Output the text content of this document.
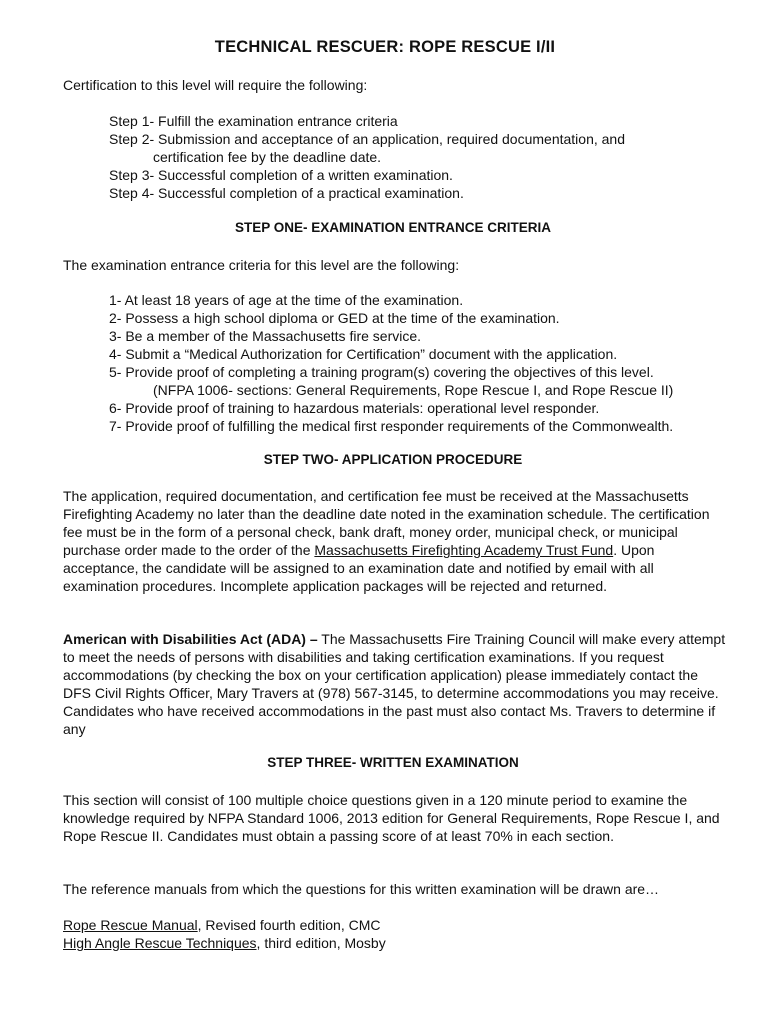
TECHNICAL RESCUER: ROPE RESCUE I/II
Certification to this level will require the following:
Step 1- Fulfill the examination entrance criteria
Step 2- Submission and acceptance of an application, required documentation, and
certification fee by the deadline date.
Step 3- Successful completion of a written examination.
Step 4- Successful completion of a practical examination.
STEP ONE- EXAMINATION ENTRANCE CRITERIA
The examination entrance criteria for this level are the following:
1- At least 18 years of age at the time of the examination.
2- Possess a high school diploma or GED at the time of the examination.
3- Be a member of the Massachusetts fire service.
4- Submit a “Medical Authorization for Certification” document with the application.
5- Provide proof of completing a training program(s) covering the objectives of this level.
(NFPA 1006- sections: General Requirements, Rope Rescue I, and Rope Rescue II)
6- Provide proof of training to hazardous materials: operational level responder.
7- Provide proof of fulfilling the medical first responder requirements of the Commonwealth.
STEP TWO- APPLICATION PROCEDURE
The application, required documentation, and certification fee must be received at the Massachusetts Firefighting Academy no later than the deadline date noted in the examination schedule. The certification fee must be in the form of a personal check, bank draft, money order, municipal check, or municipal purchase order made to the order of the Massachusetts Firefighting Academy Trust Fund. Upon acceptance, the candidate will be assigned to an examination date and notified by email with all examination procedures. Incomplete application packages will be rejected and returned.
American with Disabilities Act (ADA) – The Massachusetts Fire Training Council will make every attempt to meet the needs of persons with disabilities and taking certification examinations. If you request accommodations (by checking the box on your certification application) please immediately contact the DFS Civil Rights Officer, Mary Travers at (978) 567-3145, to determine accommodations you may receive. Candidates who have received accommodations in the past must also contact Ms. Travers to determine if any
STEP THREE- WRITTEN EXAMINATION
This section will consist of 100 multiple choice questions given in a 120 minute period to examine the knowledge required by NFPA Standard 1006, 2013 edition for General Requirements, Rope Rescue I, and Rope Rescue II. Candidates must obtain a passing score of at least 70% in each section.
The reference manuals from which the questions for this written examination will be drawn are…
Rope Rescue Manual, Revised fourth edition, CMC
High Angle Rescue Techniques, third edition, Mosby
